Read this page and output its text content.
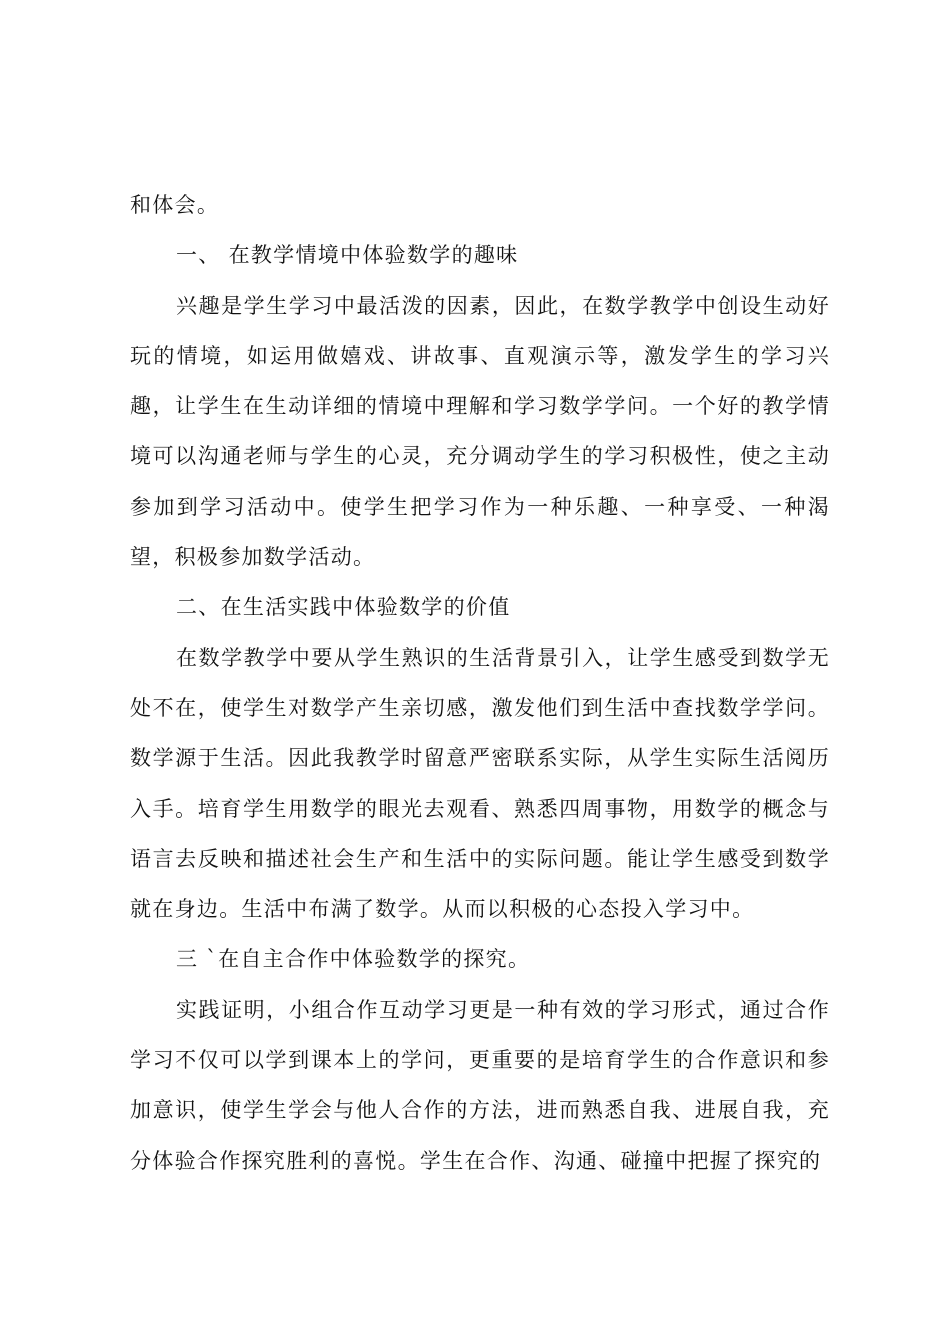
和体会。

一、 在教学情境中体验数学的趣味

兴趣是学生学习中最活泼的因素，因此，在数学教学中创设生动好玩的情境，如运用做嬉戏、讲故事、直观演示等，激发学生的学习兴趣，让学生在生动详细的情境中理解和学习数学学问。一个好的教学情境可以沟通老师与学生的心灵，充分调动学生的学习积极性，使之主动参加到学习活动中。使学生把学习作为一种乐趣、一种享受、一种渴望，积极参加数学活动。

二、在生活实践中体验数学的价值

在数学教学中要从学生熟识的生活背景引入，让学生感受到数学无处不在，使学生对数学产生亲切感，激发他们到生活中查找数学学问。数学源于生活。因此我教学时留意严密联系实际，从学生实际生活阅历入手。培育学生用数学的眼光去观看、熟悉四周事物，用数学的概念与语言去反映和描述社会生产和生活中的实际问题。能让学生感受到数学就在身边。生活中布满了数学。从而以积极的心态投入学习中。

三 `在自主合作中体验数学的探究。

实践证明，小组合作互动学习更是一种有效的学习形式，通过合作学习不仅可以学到课本上的学问，更重要的是培育学生的合作意识和参加意识，使学生学会与他人合作的方法，进而熟悉自我、进展自我，充分体验合作探究胜利的喜悦。学生在合作、沟通、碰撞中把握了探究的
